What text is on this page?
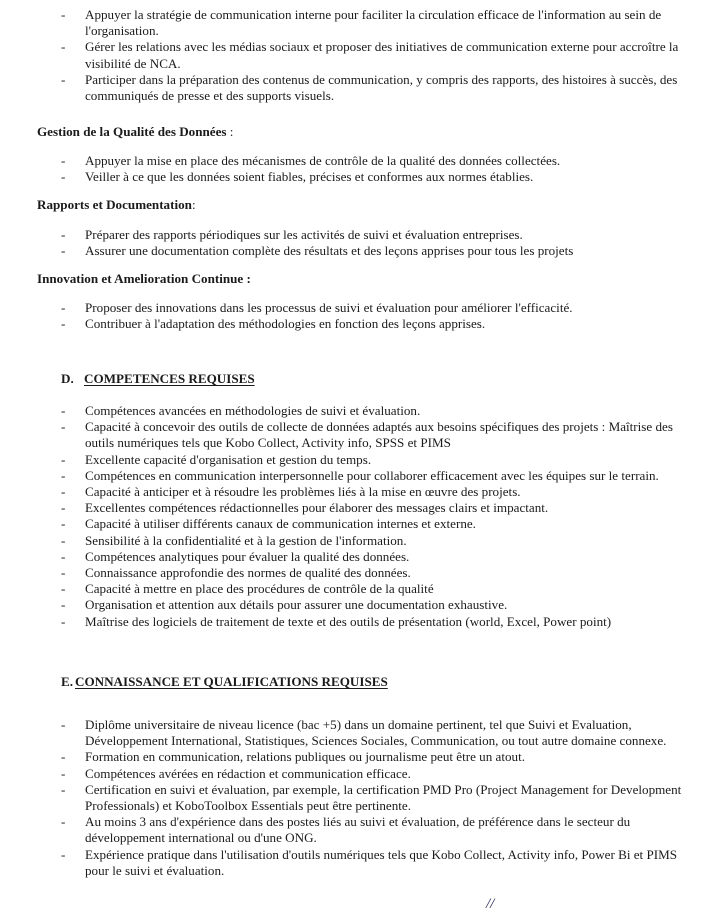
- Appuyer la stratégie de communication interne pour faciliter la circulation efficace de l'information au sein de l'organisation.
- Gérer les relations avec les médias sociaux et proposer des initiatives de communication externe pour accroître la visibilité de NCA.
- Participer dans la préparation des contenus de communication, y compris des rapports, des histoires à succès, des communiqués de presse et des supports visuels.
Gestion de la Qualité des Données :
- Appuyer la mise en place des mécanismes de contrôle de la qualité des données collectées.
- Veiller à ce que les données soient fiables, précises et conformes aux normes établies.
Rapports et Documentation:
- Préparer des rapports périodiques sur les activités de suivi et évaluation entreprises.
- Assurer une documentation complète des résultats et des leçons apprises pour tous les projets
Innovation et Amelioration Continue :
- Proposer des innovations dans les processus de suivi et évaluation pour améliorer l'efficacité.
- Contribuer à l'adaptation des méthodologies en fonction des leçons apprises.
D. COMPETENCES REQUISES
- Compétences avancées en méthodologies de suivi et évaluation.
- Capacité à concevoir des outils de collecte de données adaptés aux besoins spécifiques des projets : Maîtrise des outils numériques tels que Kobo Collect, Activity info, SPSS et PIMS
- Excellente capacité d'organisation et gestion du temps.
- Compétences en communication interpersonnelle pour collaborer efficacement avec les équipes sur le terrain.
- Capacité à anticiper et à résoudre les problèmes liés à la mise en œuvre des projets.
- Excellentes compétences rédactionnelles pour élaborer des messages clairs et impactant.
- Capacité à utiliser différents canaux de communication internes et externe.
- Sensibilité à la confidentialité et à la gestion de l'information.
- Compétences analytiques pour évaluer la qualité des données.
- Connaissance approfondie des normes de qualité des données.
- Capacité à mettre en place des procédures de contrôle de la qualité
- Organisation et attention aux détails pour assurer une documentation exhaustive.
- Maîtrise des logiciels de traitement de texte et des outils de présentation (world, Excel, Power point)
E. CONNAISSANCE ET QUALIFICATIONS REQUISES
- Diplôme universitaire de niveau licence (bac +5) dans un domaine pertinent, tel que Suivi et Evaluation, Développement International, Statistiques, Sciences Sociales, Communication, ou tout autre domaine connexe.
- Formation en communication, relations publiques ou journalisme peut être un atout.
- Compétences avérées en rédaction et communication efficace.
- Certification en suivi et évaluation, par exemple, la certification PMD Pro (Project Management for Development Professionals) et KoboToolbox Essentials peut être pertinente.
- Au moins 3 ans d'expérience dans des postes liés au suivi et évaluation, de préférence dans le secteur du développement international ou d'une ONG.
- Expérience pratique dans l'utilisation d'outils numériques tels que Kobo Collect, Activity info, Power Bi et PIMS pour le suivi et évaluation.
//
